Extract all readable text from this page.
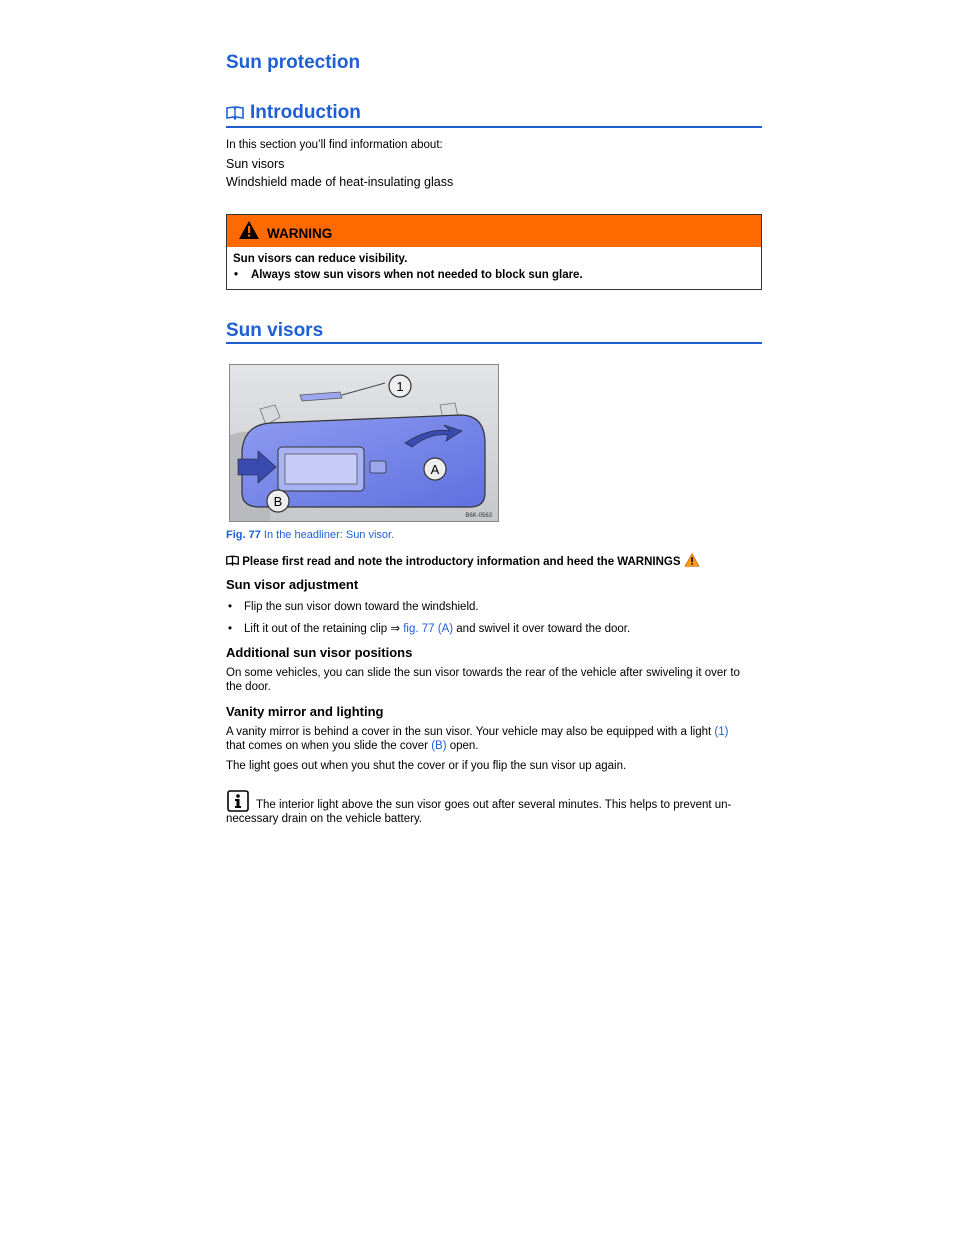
Sun protection
Introduction
In this section you’ll find information about:
Sun visors
Windshield made of heat-insulating glass
WARNING
Sun visors can reduce visibility.
• Always stow sun visors when not needed to block sun glare.
Sun visors
1
A
B
B6K-0563
Fig. 77 In the headliner: Sun visor.
Please first read and note the introductory information and heed the WARNINGS
Sun visor adjustment
• Flip the sun visor down toward the windshield.
• Lift it out of the retaining clip ⇒ fig. 77 (A) and swivel it over toward the door.
Additional sun visor positions

On some vehicles, you can slide the sun visor towards the rear of the vehicle after swiveling it over to the door.

Vanity mirror and lighting

A vanity mirror is behind a cover in the sun visor. Your vehicle may also be equipped with a light (1)
that comes on when you slide the cover (B) open.

The light goes out when you shut the cover or if you flip the sun visor up again.

The interior light above the sun visor goes out after several minutes. This helps to prevent un-necessary drain on the vehicle battery.
